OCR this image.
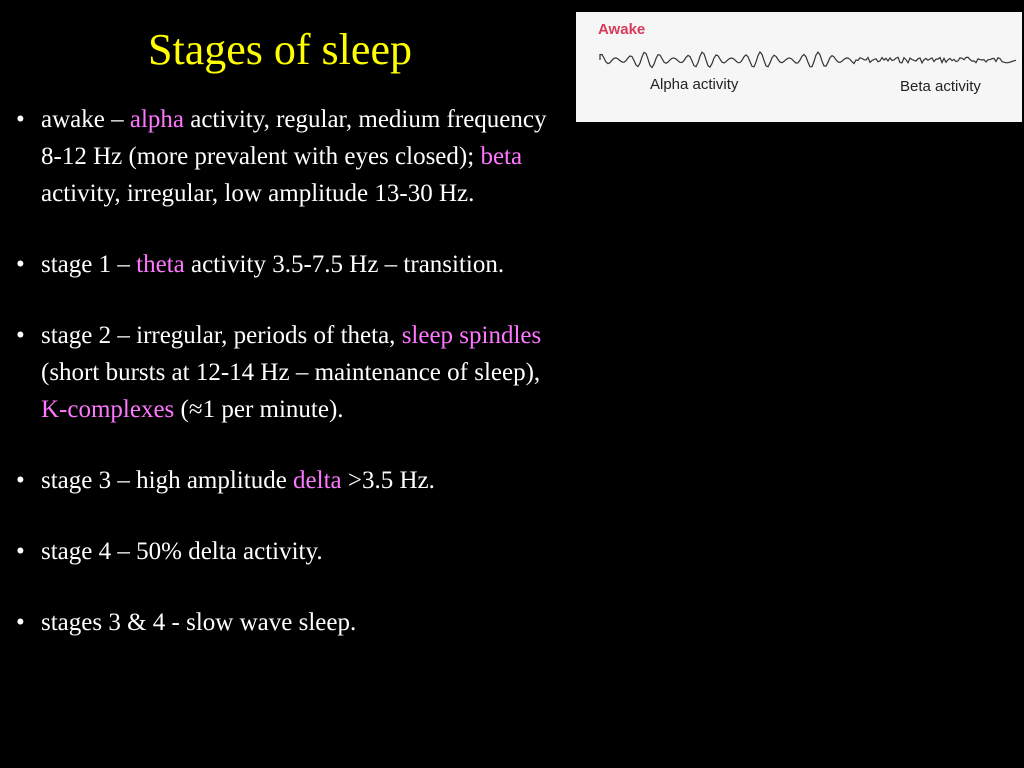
Stages of sleep
• awake – alpha activity, regular, medium frequency 8-12 Hz (more prevalent with eyes closed); beta activity, irregular, low amplitude 13-30 Hz.
• stage 1 – theta activity 3.5-7.5 Hz – transition.
• stage 2 – irregular, periods of theta, sleep spindles (short bursts at 12-14 Hz – maintenance of sleep), K-complexes (≈1 per minute).
• stage 3 – high amplitude delta >3.5 Hz.
• stage 4 – 50% delta activity.
• stages 3 & 4 - slow wave sleep.
Awake
Alpha activity	Beta activity
